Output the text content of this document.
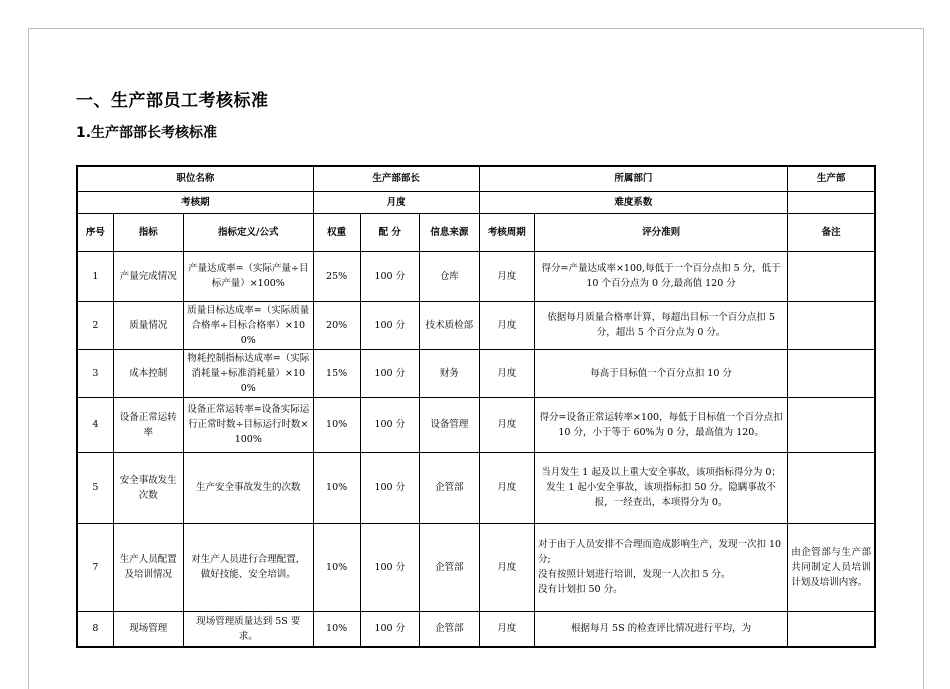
一、生产部员工考核标准
1.生产部部长考核标准
职位名称			生产部部长			所属部门		生产部
考核期			月度			难度系数		
序号	指标	指标定义/公式	权重	配 分	信息来源	考核周期	评分准则	备注
1	产量完成情况	产量达成率=（实际产量÷目标产量）×100%	25%	100 分	仓库	月度	得分=产量达成率×100,每低于一个百分点扣 5 分，低于 10 个百分点为 0 分,最高值 120 分	
2	质量情况	质量目标达成率=（实际质量合格率÷目标合格率）×100%	20%	100 分	技术质检部	月度	依据每月质量合格率计算，每超出目标一个百分点扣 5 分，超出 5 个百分点为 0 分。	
3	成本控制	物耗控制指标达成率=（实际消耗量÷标准消耗量）×100%	15%	100 分	财务	月度	每高于目标值一个百分点扣 10 分	
4	设备正常运转率	设备正常运转率=设备实际运行正常时数÷目标运行时数×100%	10%	100 分	设备管理	月度	得分=设备正常运转率×100，每低于目标值一个百分点扣 10 分，小于等于 60%为 0 分，最高值为 120。	
5	安全事故发生次数	生产安全事故发生的次数	10%	100 分	企管部	月度	当月发生 1 起及以上重大安全事故，该项指标得分为 0；发生 1 起小安全事故，该项指标扣 50 分。隐瞒事故不报，一经查出，本项得分为 0。	
7	生产人员配置及培训情况	对生产人员进行合理配置，做好技能、安全培训。	10%	100 分	企管部	月度	对于由于人员安排不合理而造成影响生产，发现一次扣 10 分;
没有按照计划进行培训，发现一人次扣 5 分。
没有计划扣 50 分。	由企管部与生产部共同制定人员培训计划及培训内容。
8	现场管理	现场管理质量达到 5S 要求。	10%	100 分	企管部	月度	根据每月 5S 的检查评比情况进行平均，为	
